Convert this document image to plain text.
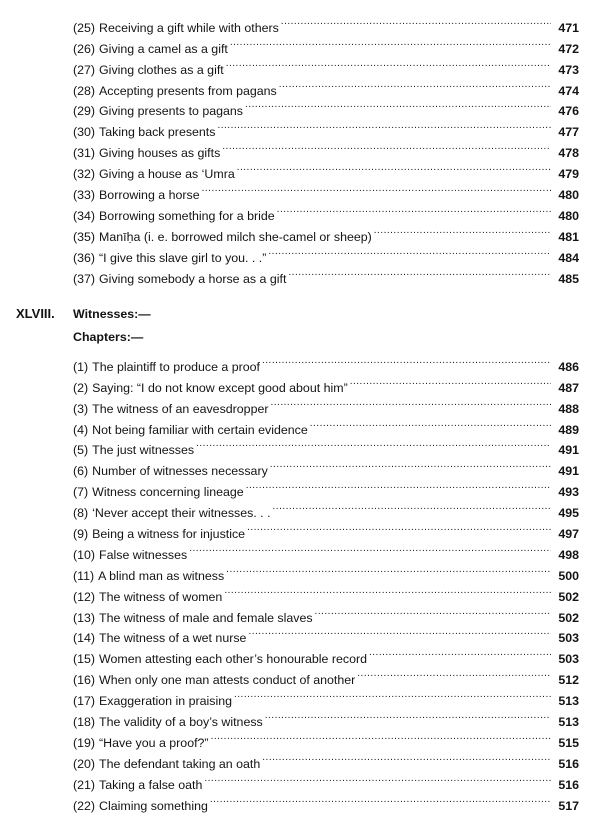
(25) Receiving a gift while with others .....	471
(26) Giving a camel as a gift .....	472
(27) Giving clothes as a gift .....	473
(28) Accepting presents from pagans .....	474
(29) Giving presents to pagans .....	476
(30) Taking back presents .....	477
(31) Giving houses as gifts .....	478
(32) Giving a house as ‘Umra .....	479
(33) Borrowing a horse .....	480
(34) Borrowing something for a bride .....	480
(35) Manīḥa (i. e. borrowed milch she-camel or sheep) .....	481
(36) “I give this slave girl to you. . .” .....	484
(37) Giving somebody a horse as a gift .....	485
XLVIII.	Witnesses:—
Chapters:—
(1) The plaintiff to produce a proof .....	486
(2) Saying: “I do not know except good about him” .....	487
(3) The witness of an eavesdropper .....	488
(4) Not being familiar with certain evidence .....	489
(5) The just witnesses .....	491
(6) Number of witnesses necessary .....	491
(7) Witness concerning lineage .....	493
(8) ‘Never accept their witnesses. . . .....	495
(9) Being a witness for injustice .....	497
(10) False witnesses .....	498
(11) A blind man as witness .....	500
(12) The witness of women .....	502
(13) The witness of male and female slaves .....	502
(14) The witness of a wet nurse .....	503
(15) Women attesting each other’s honourable record .....	503
(16) When only one man attests conduct of another .....	512
(17) Exaggeration in praising .....	513
(18) The validity of a boy’s witness .....	513
(19) “Have you a proof?” .....	515
(20) The defendant taking an oath .....	516
(21) Taking a false oath .....	516
(22) Claiming something .....	517
